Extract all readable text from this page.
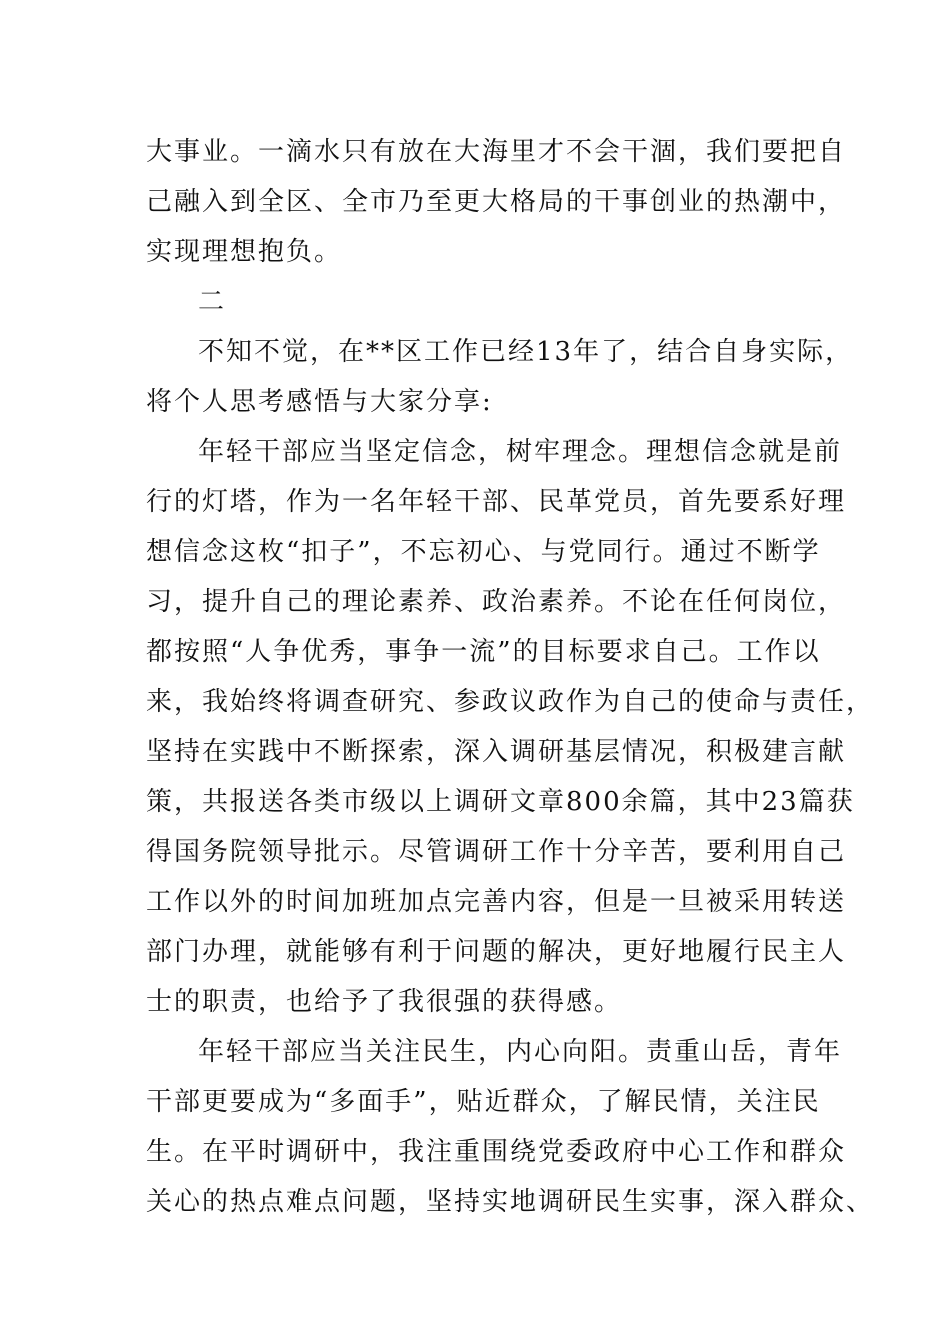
大事业。一滴水只有放在大海里才不会干涸，我们要把自
己融入到全区、全市乃至更大格局的干事创业的热潮中，
实现理想抱负。
二
不知不觉，在**区工作已经13年了，结合自身实际，
将个人思考感悟与大家分享:
年轻干部应当坚定信念，树牢理念。理想信念就是前
行的灯塔，作为一名年轻干部、民革党员，首先要系好理
想信念这枚“扣子”，不忘初心、与党同行。通过不断学
习，提升自己的理论素养、政治素养。不论在任何岗位，
都按照“人争优秀，事争一流”的目标要求自己。工作以
来，我始终将调查研究、参政议政作为自己的使命与责任，
坚持在实践中不断探索，深入调研基层情况，积极建言献
策，共报送各类市级以上调研文章800余篇，其中23篇获
得国务院领导批示。尽管调研工作十分辛苦，要利用自己
工作以外的时间加班加点完善内容，但是一旦被采用转送
部门办理，就能够有利于问题的解决，更好地履行民主人
士的职责，也给予了我很强的获得感。
年轻干部应当关注民生，内心向阳。责重山岳，青年
干部更要成为“多面手”，贴近群众，了解民情，关注民
生。在平时调研中，我注重围绕党委政府中心工作和群众
关心的热点难点问题，坚持实地调研民生实事，深入群众、
